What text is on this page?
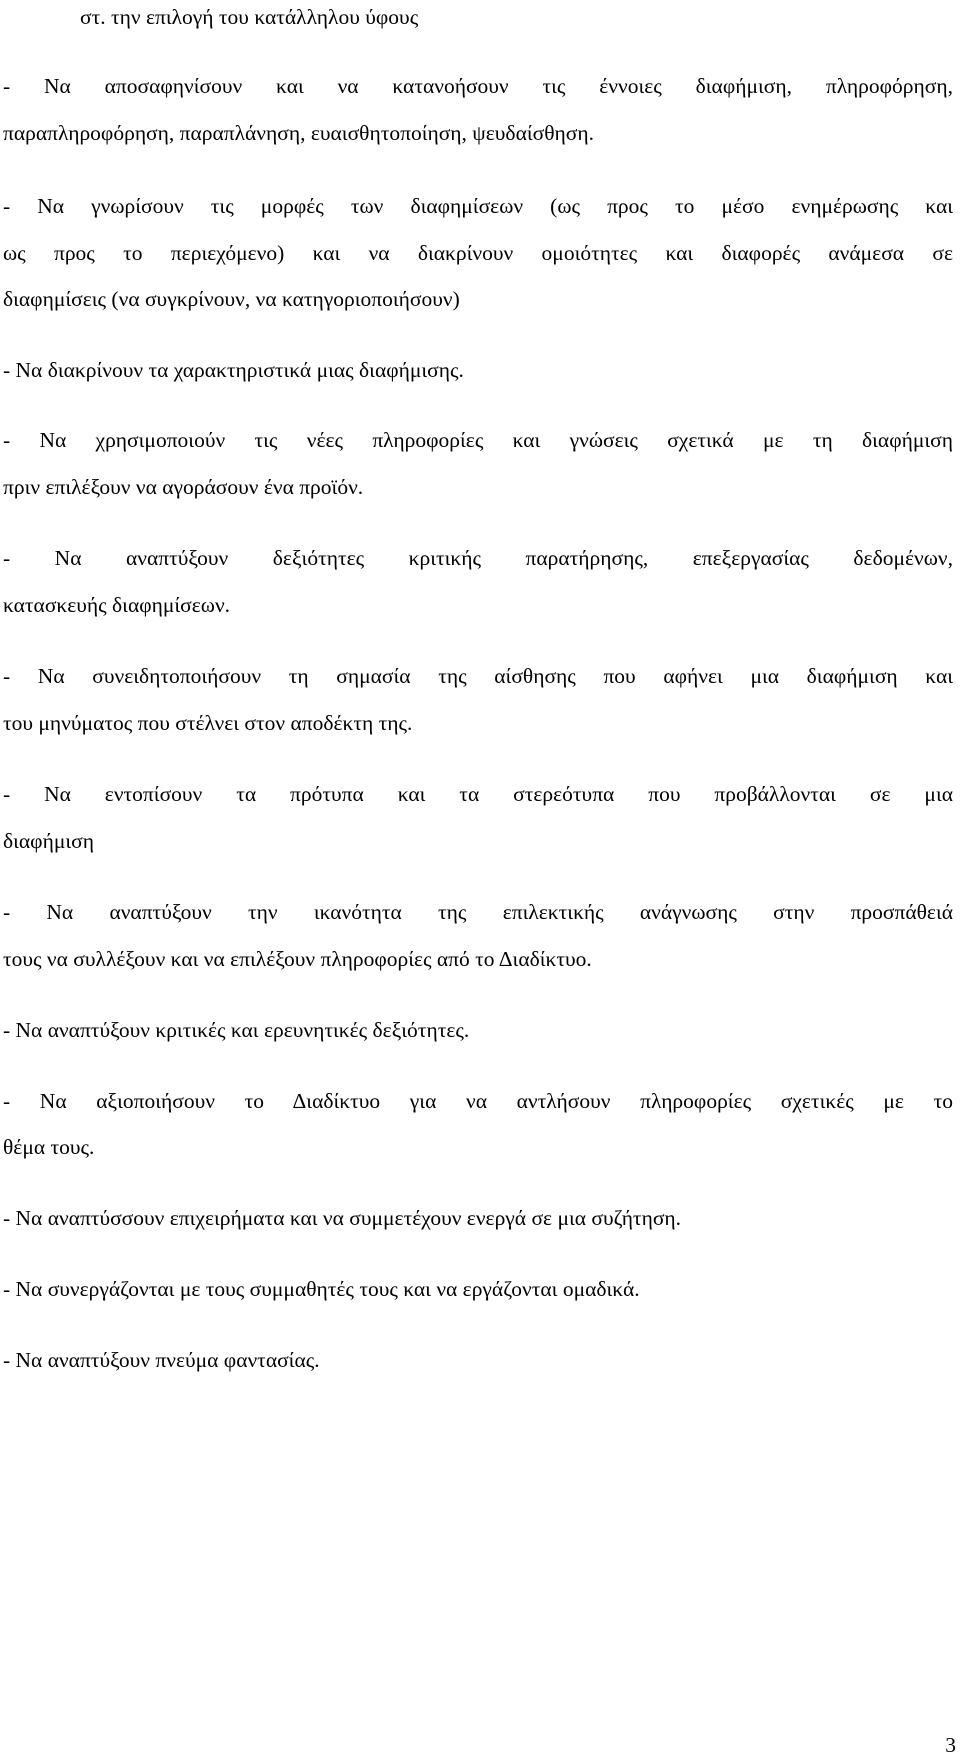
στ. την επιλογή του κατάλληλου ύφους
- Να αποσαφηνίσουν και να κατανοήσουν τις έννοιες διαφήμιση, πληροφόρηση,
παραπληροφόρηση, παραπλάνηση, ευαισθητοποίηση, ψευδαίσθηση.
- Να γνωρίσουν τις μορφές των διαφημίσεων (ως προς το μέσο ενημέρωσης και
ως προς το περιεχόμενο) και να διακρίνουν ομοιότητες και διαφορές ανάμεσα σε
διαφημίσεις (να συγκρίνουν, να κατηγοριοποιήσουν)
- Να διακρίνουν τα χαρακτηριστικά μιας διαφήμισης.
- Να χρησιμοποιούν τις νέες πληροφορίες και γνώσεις σχετικά με τη διαφήμιση
πριν επιλέξουν να αγοράσουν ένα προϊόν.
- Να αναπτύξουν δεξιότητες κριτικής παρατήρησης, επεξεργασίας δεδομένων,
κατασκευής διαφημίσεων.
- Να συνειδητοποιήσουν τη σημασία της αίσθησης που αφήνει μια διαφήμιση και
του μηνύματος που στέλνει στον αποδέκτη της.
- Να εντοπίσουν τα πρότυπα και τα στερεότυπα που προβάλλονται σε μια
διαφήμιση
- Να αναπτύξουν την ικανότητα της επιλεκτικής ανάγνωσης στην προσπάθειά
τους να συλλέξουν και να επιλέξουν πληροφορίες από το Διαδίκτυο.
- Να αναπτύξουν κριτικές και ερευνητικές δεξιότητες.
- Να αξιοποιήσουν το Διαδίκτυο για να αντλήσουν πληροφορίες σχετικές με το
θέμα τους.
- Να αναπτύσσουν επιχειρήματα και να συμμετέχουν ενεργά σε μια συζήτηση.
- Να συνεργάζονται με τους συμμαθητές τους και να εργάζονται ομαδικά.
- Να αναπτύξουν πνεύμα φαντασίας.
3
